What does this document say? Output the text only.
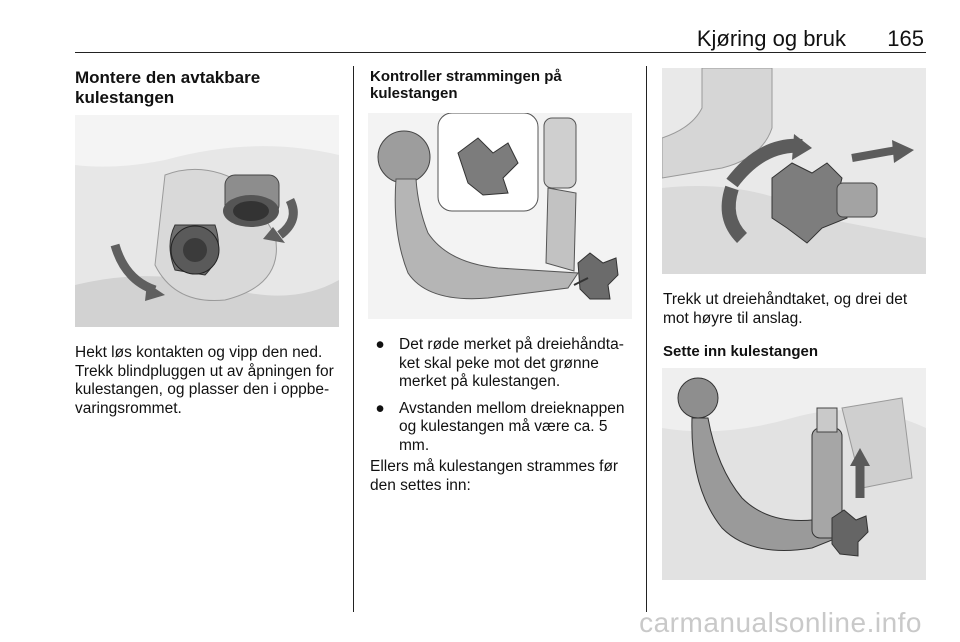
Kjøring og bruk 165
Montere den avtakbare kulestangen
Hekt løs kontakten og vipp den ned. Trekk blindpluggen ut av åpningen for kulestangen, og plasser den i oppbe-varingsrommet.
Kontroller strammingen på kulestangen
● Det røde merket på dreiehåndta-ket skal peke mot det grønne merket på kulestangen.
● Avstanden mellom dreieknappen og kulestangen må være ca. 5 mm.
Ellers må kulestangen strammes før den settes inn:
Trekk ut dreiehåndtaket, og drei det mot høyre til anslag.
Sette inn kulestangen
carmanualsonline.info
